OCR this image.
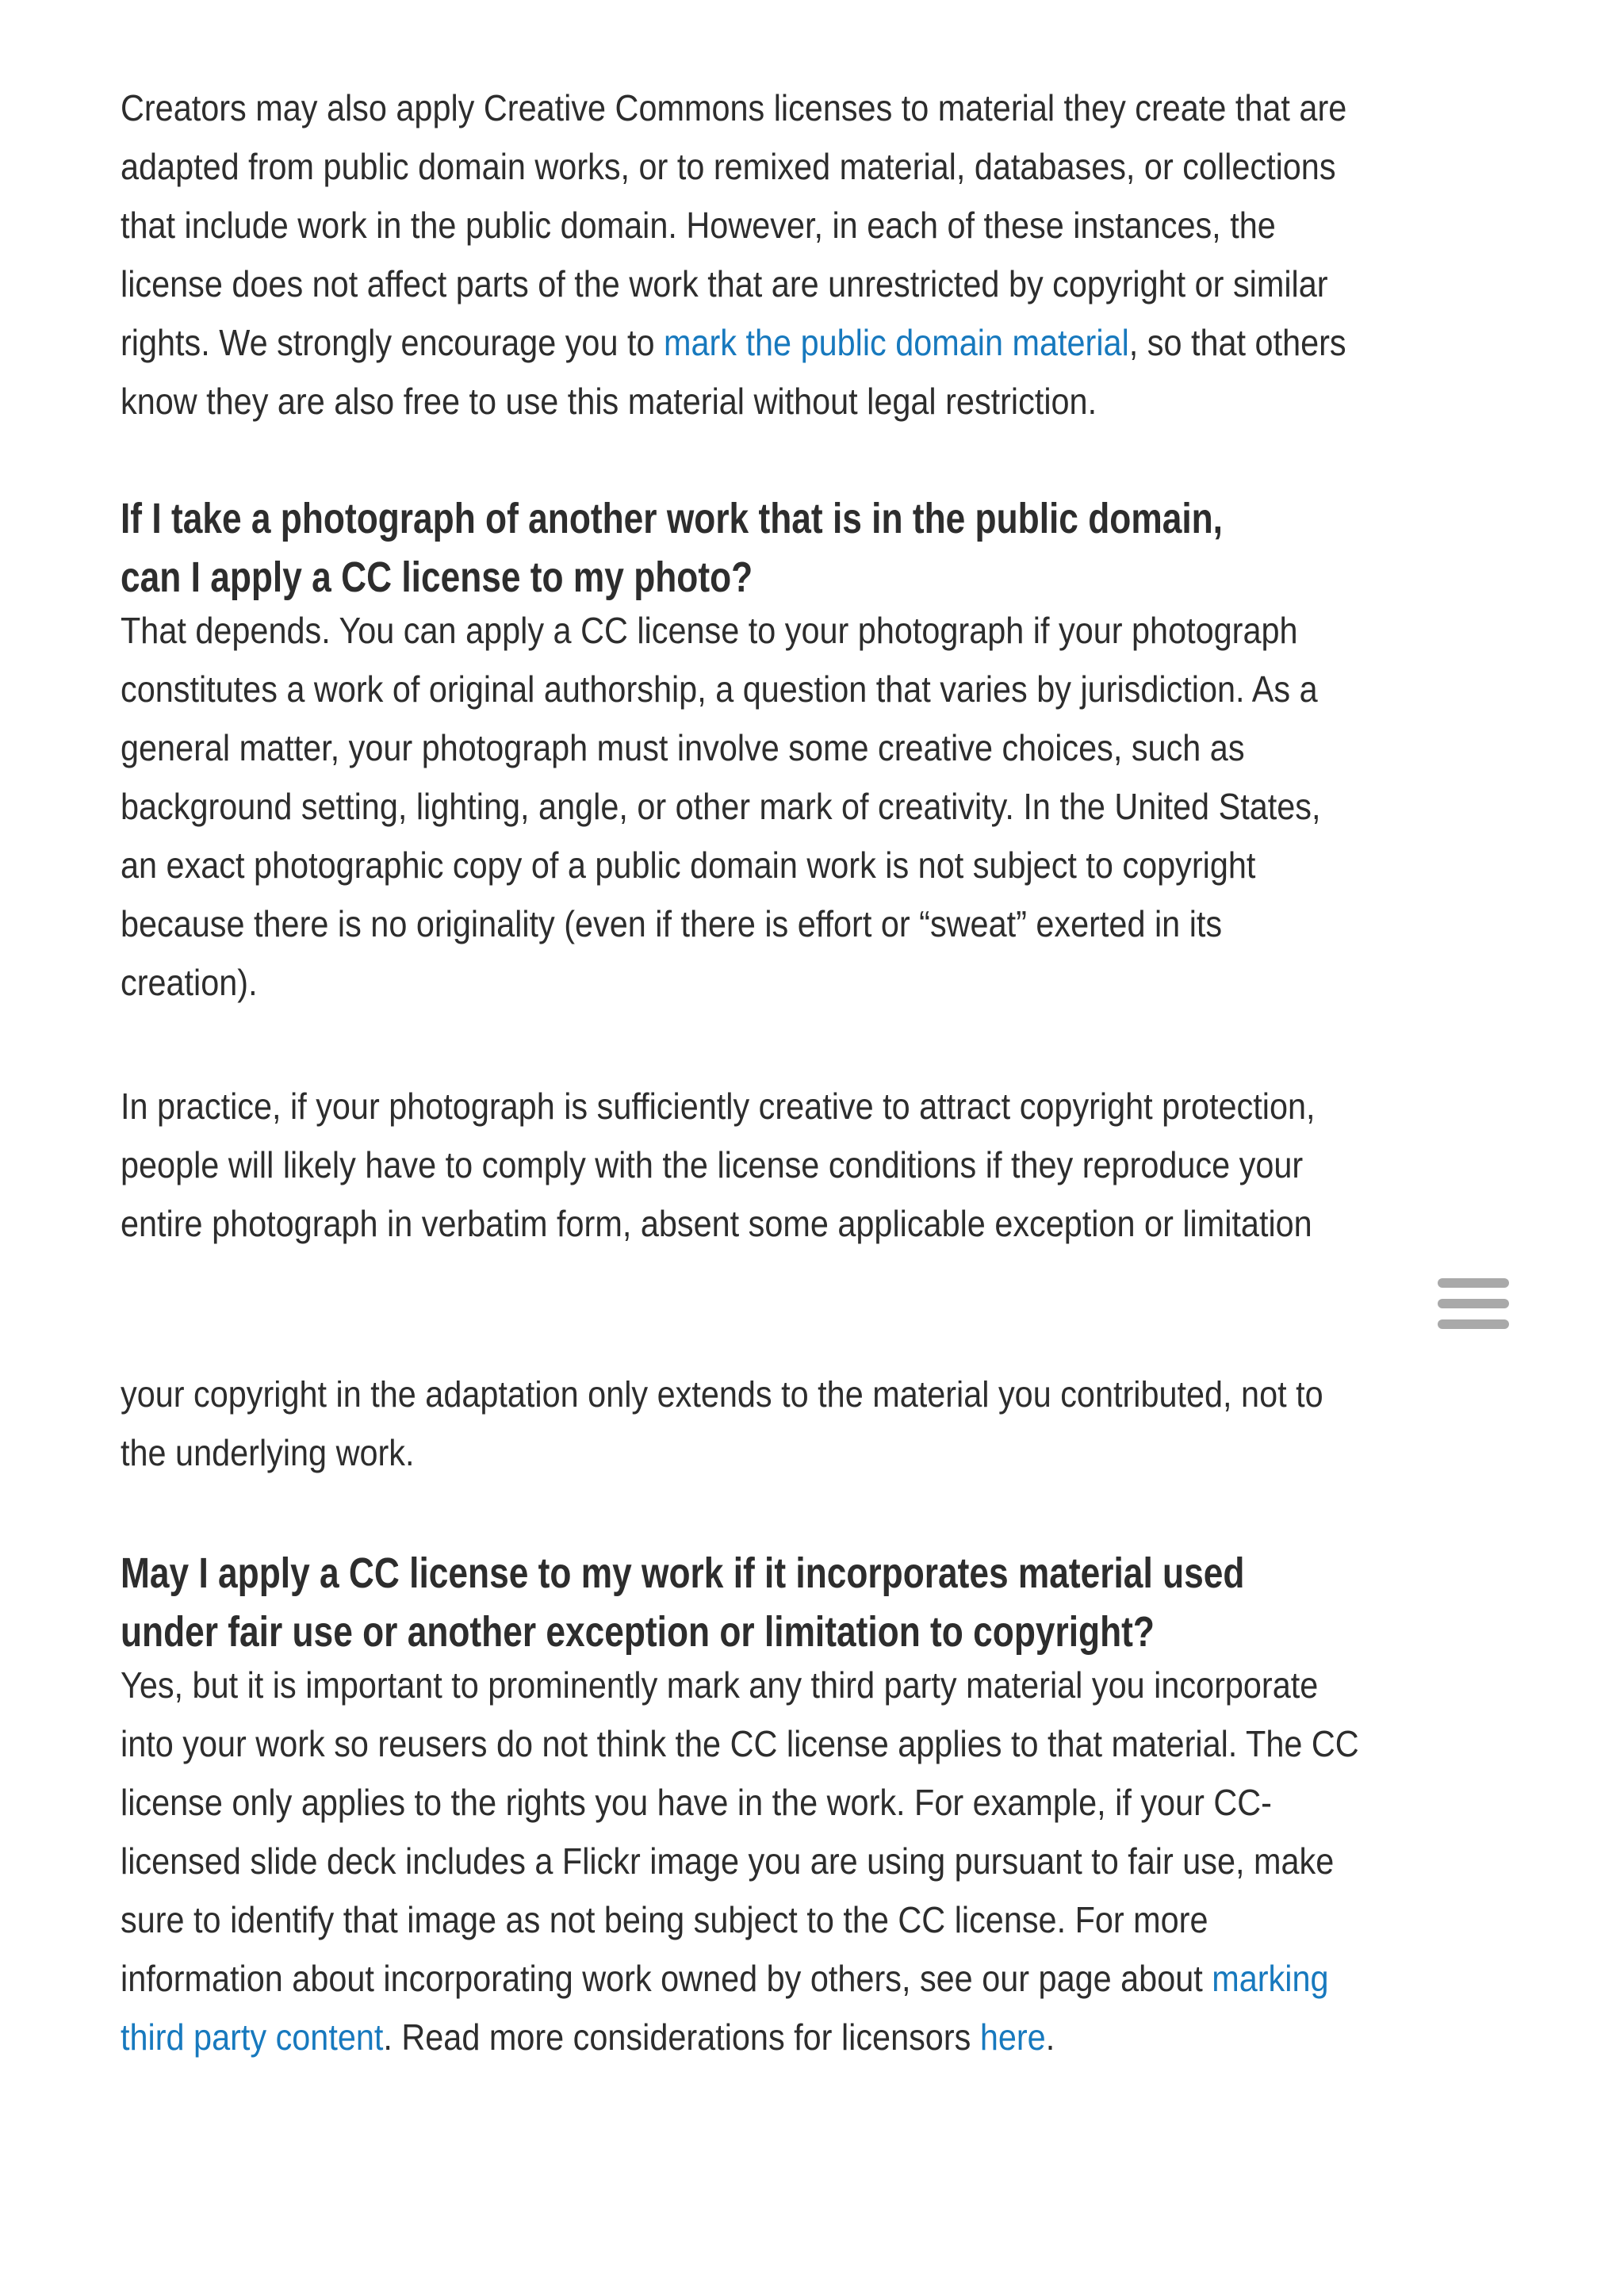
Creators may also apply Creative Commons licenses to material they create that are
adapted from public domain works, or to remixed material, databases, or collections
that include work in the public domain. However, in each of these instances, the
license does not affect parts of the work that are unrestricted by copyright or similar
rights. We strongly encourage you to mark the public domain material, so that others
know they are also free to use this material without legal restriction.
If I take a photograph of another work that is in the public domain,
can I apply a CC license to my photo?
That depends. You can apply a CC license to your photograph if your photograph
constitutes a work of original authorship, a question that varies by jurisdiction. As a
general matter, your photograph must involve some creative choices, such as
background setting, lighting, angle, or other mark of creativity. In the United States,
an exact photographic copy of a public domain work is not subject to copyright
because there is no originality (even if there is effort or “sweat” exerted in its
creation).
In practice, if your photograph is sufficiently creative to attract copyright protection,
people will likely have to comply with the license conditions if they reproduce your
entire photograph in verbatim form, absent some applicable exception or limitation
your copyright in the adaptation only extends to the material you contributed, not to
the underlying work.
May I apply a CC license to my work if it incorporates material used
under fair use or another exception or limitation to copyright?
Yes, but it is important to prominently mark any third party material you incorporate
into your work so reusers do not think the CC license applies to that material. The CC
license only applies to the rights you have in the work. For example, if your CC-
licensed slide deck includes a Flickr image you are using pursuant to fair use, make
sure to identify that image as not being subject to the CC license. For more
information about incorporating work owned by others, see our page about marking
third party content. Read more considerations for licensors here.
